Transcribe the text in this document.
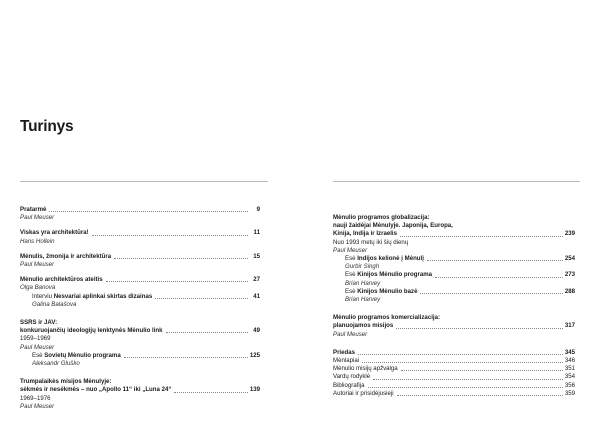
Turinys
Pratarmė	9
Paul Meuser
Viskas yra architektūra!	11
Hans Hollein
Mėnulis, žmonija ir architektūra	15
Paul Meuser
Mėnulio architektūros ateitis	27
Olga Banova
Interviu
Nesvariai aplinkai skirtas dizainas	41
Galina Balašova
SSRS ir JAV:
konkuruojančių ideologijų lenktynės Mėnulio link	49
1959–1969
Paul Meuser
Esė
Sovietų Mėnulio programa	125
Aleksandr Gluško
Trumpalaikės misijos Mėnulyje:
sėkmės ir nesėkmės – nuo „Apollo 11“ iki „Luna 24“	139
1969–1976
Paul Meuser
Mėnulio programos globalizacija:
nauji žaidėjai Mėnulyje. Japonija, Europa,
Kinija, Indija ir Izraelis	239
Nuo 1993 metų iki šių dienų
Paul Meuser
Esė
Indijos kelionė į Mėnulį	254
Gurbir Singh
Esė
Kinijos Mėnulio programa	273
Brian Harvey
Esė
Kinijos Mėnulio bazė	288
Brian Harvey
Mėnulio programos komercializacija:
planuojamos misijos	317
Paul Meuser
Priedas	345
Mėnlapiai	346
Mėnulio misijų apžvalga	351
Vardų rodyklė	354
Bibliografija	356
Autoriai ir prisidėjusieji	359
